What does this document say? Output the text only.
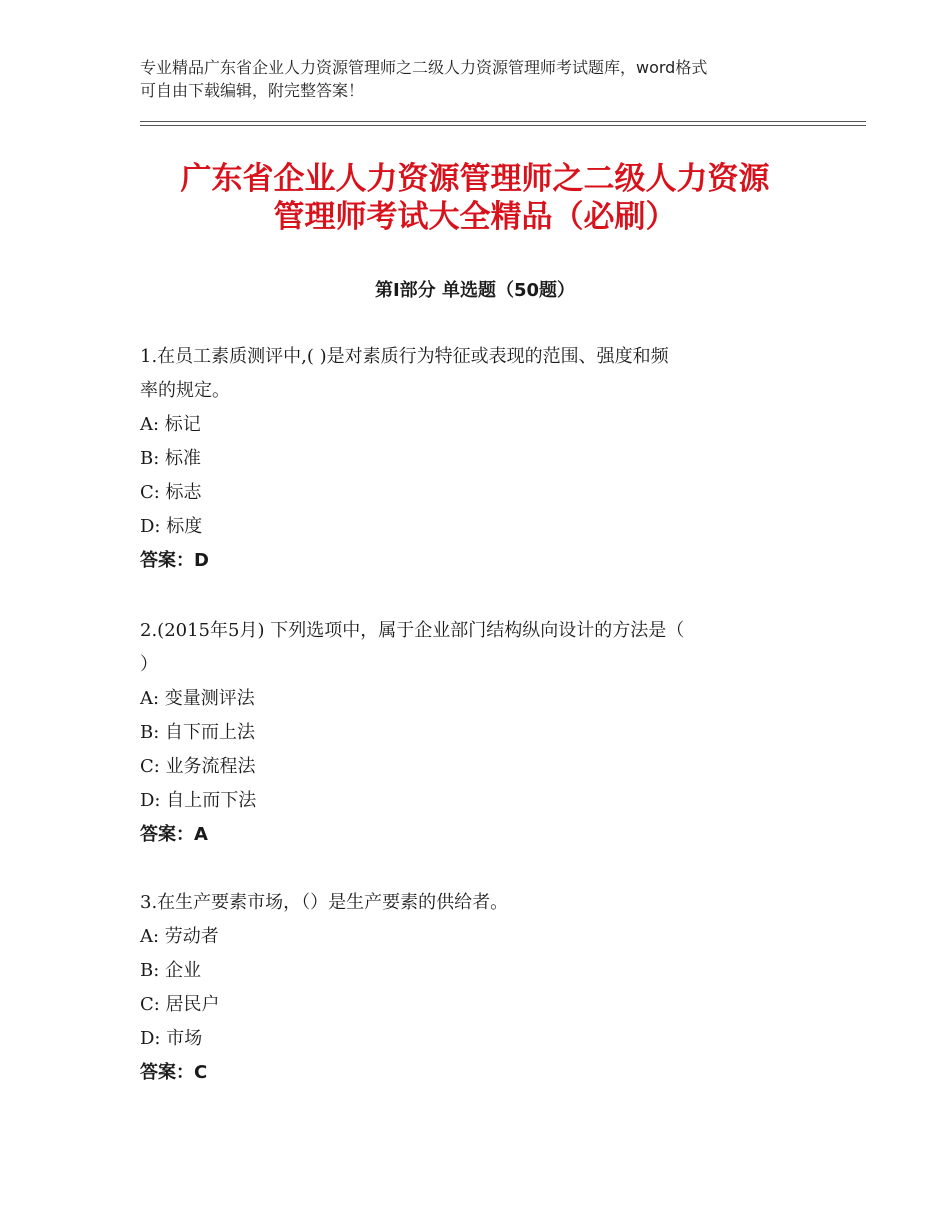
专业精品广东省企业人力资源管理师之二级人力资源管理师考试题库，word格式
可自由下载编辑，附完整答案！
广东省企业人力资源管理师之二级人力资源
管理师考试大全精品（必刷）
第Ⅰ部分 单选题（50题）
1.在员工素质测评中,( )是对素质行为特征或表现的范围、强度和频
率的规定。
A: 标记
B: 标准
C: 标志
D: 标度
答案：D
2.(2015年5月) 下列选项中，属于企业部门结构纵向设计的方法是（
）
A: 变量测评法
B: 自下而上法
C: 业务流程法
D: 自上而下法
答案：A
3.在生产要素市场，（）是生产要素的供给者。
A: 劳动者
B: 企业
C: 居民户
D: 市场
答案：C
